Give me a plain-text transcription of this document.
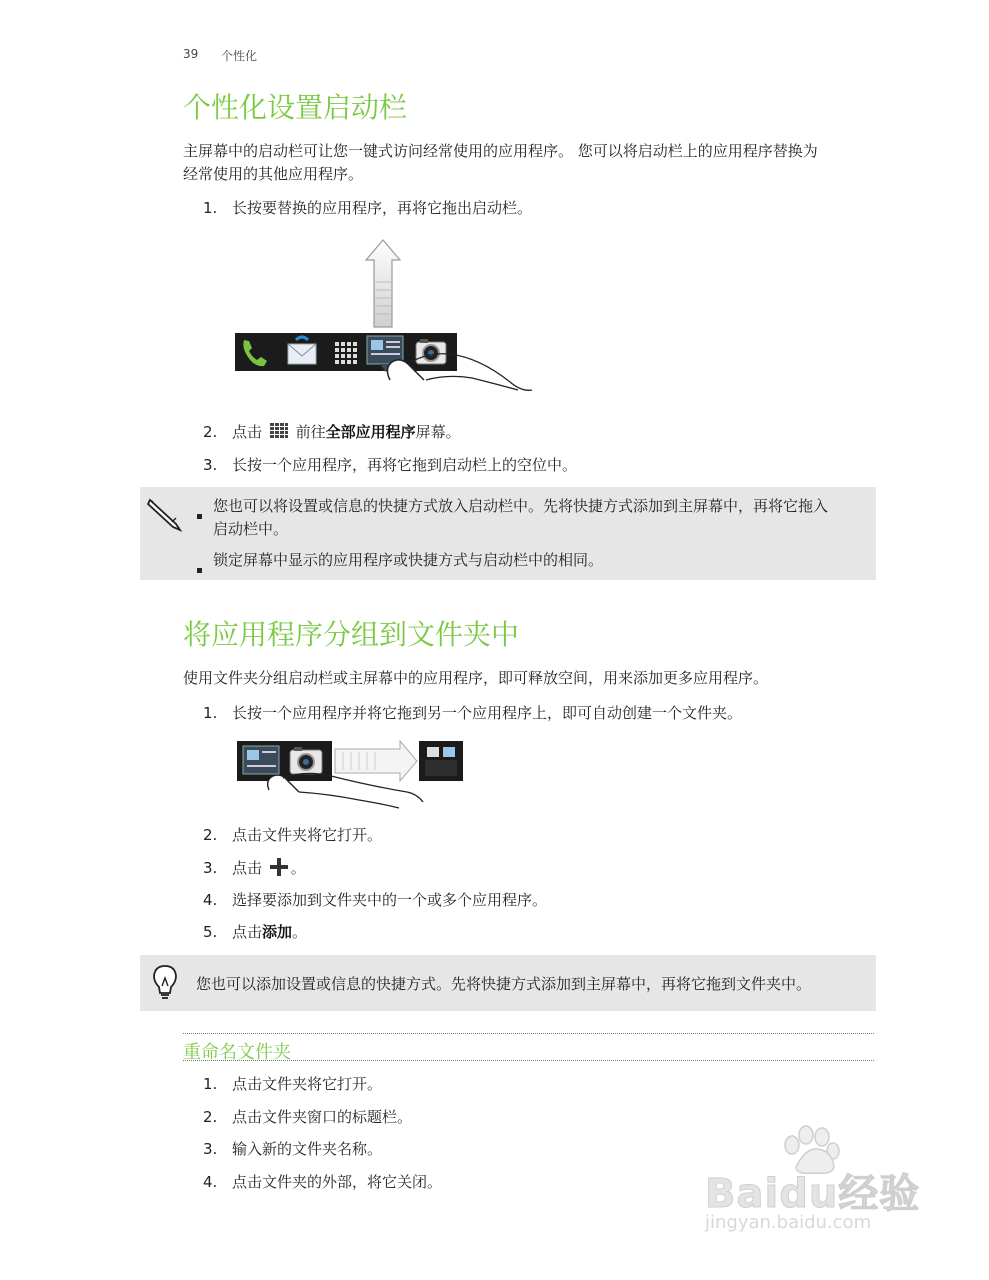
39 个性化
个性化设置启动栏

主屏幕中的启动栏可让您一键式访问经常使用的应用程序。 您可以将启动栏上的应用程序替换为
经常使用的其他应用程序。

1. 长按要替换的应用程序，再将它拖出启动栏。
2. 点击 前往全部应用程序屏幕。
3. 长按一个应用程序，再将它拖到启动栏上的空位中。
您也可以将设置或信息的快捷方式放入启动栏中。先将快捷方式添加到主屏幕中，再将它拖入
启动栏中。
锁定屏幕中显示的应用程序或快捷方式与启动栏中的相同。
将应用程序分组到文件夹中

使用文件夹分组启动栏或主屏幕中的应用程序，即可释放空间，用来添加更多应用程序。

1. 长按一个应用程序并将它拖到另一个应用程序上，即可自动创建一个文件夹。
2. 点击文件夹将它打开。
3. 点击 。
4. 选择要添加到文件夹中的一个或多个应用程序。
5. 点击添加。
您也可以添加设置或信息的快捷方式。先将快捷方式添加到主屏幕中，再将它拖到文件夹中。
重命名文件夹
1. 点击文件夹将它打开。
2. 点击文件夹窗口的标题栏。
3. 输入新的文件夹名称。
4. 点击文件夹的外部，将它关闭。	Baidu经验
jingyan.baidu.com
